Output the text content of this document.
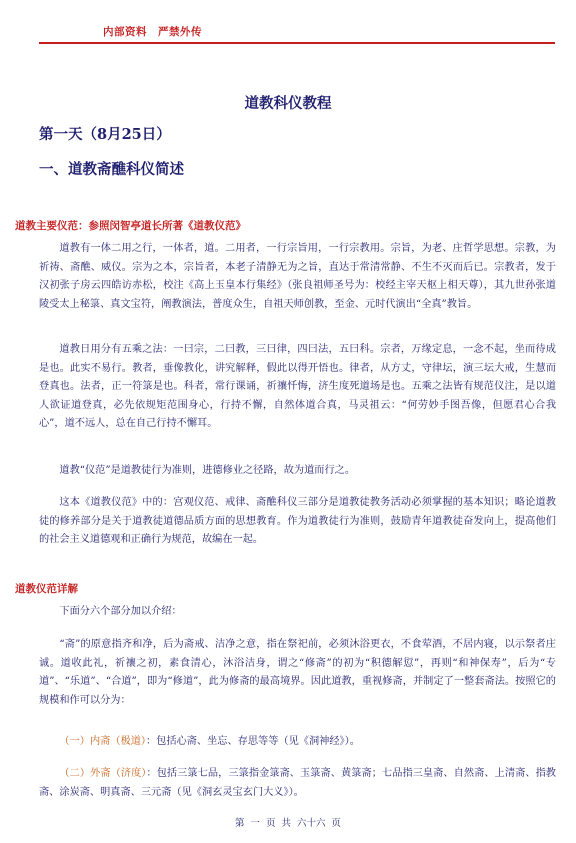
内部资料　严禁外传
道教科仪教程
第一天（8月25日）
一、道教斋醮科仪简述
道教主要仪范：参照闵智亭道长所著《道教仪范》

道教有一体二用之行，一体者，道。二用者，一行宗旨用，一行宗教用。宗旨，为老、庄哲学思想。宗教，为祈祷、斋醮、威仪。宗为之本，宗旨者，本老子清静无为之旨，直达于常清常静、不生不灭而后已。宗教者，发于汉初张子房云四皓访赤松，校注《高上玉皇本行集经》（张良祖师圣号为：校经主宰天枢上相天尊），其九世孙张道陵受太上秘箓、真文宝符，阐教演法，普度众生，自祖天师创教，至金、元时代演出“全真”教旨。

道教日用分有五乘之法：一曰宗，二曰教，三曰律，四曰法，五曰科。宗者，万缘定息，一念不起，坐而待成是也。此实不易行。教者，垂像教化，讲究解释，假此以得开悟也。律者，从方丈，守律坛，演三坛大戒，生慧而登真也。法者，正一符箓是也。科者，常行课诵，祈禳忏悔，济生度死道场是也。五乘之法皆有规范仪注，是以道人欲证道登真，必先依规矩范围身心，行持不懈，自然体道合真，马灵祖云：“何劳妙手图吾像，但愿君心合我心”，道不远人，总在自己行持不懈耳。

道教“仪范”是道教徒行为准则，进德修业之径路，故为道而行之。

这本《道教仪范》中的：宫观仪范、戒律、斋醮科仪三部分是道教徒教务活动必须掌握的基本知识；略论道教徒的修养部分是关于道教徒道德品质方面的思想教育。作为道教徒行为准则，鼓励青年道教徒奋发向上，提高他们的社会主义道德观和正确行为规范，故编在一起。

道教仪范详解

下面分六个部分加以介绍：

“斋”的原意指齐和净，后为斋戒、洁净之意，指在祭祀前，必须沐浴更衣，不食荤酒，不居内寝，以示祭者庄诚。道收此礼，祈禳之初，素食清心，沐浴洁身，谓之“修斋”的初为“积德解愆”，再则“和神保寿”，后为“专道”、“乐道”、“合道”，即为“修道”，此为修斋的最高境界。因此道教，重视修斋，并制定了一整套斋法。按照它的规模和作可以分为：

（一）内斋（极道）：包括心斋、坐忘、存思等等（见《洞神经》）。

（二）外斋（济度）：包括三箓七品，三箓指金箓斋、玉箓斋、黄箓斋；七品指三皇斋、自然斋、上清斋、指教斋、涂炭斋、明真斋、三元斋（见《洞玄灵宝玄门大义》）。

第 一 页 共 六十六 页
